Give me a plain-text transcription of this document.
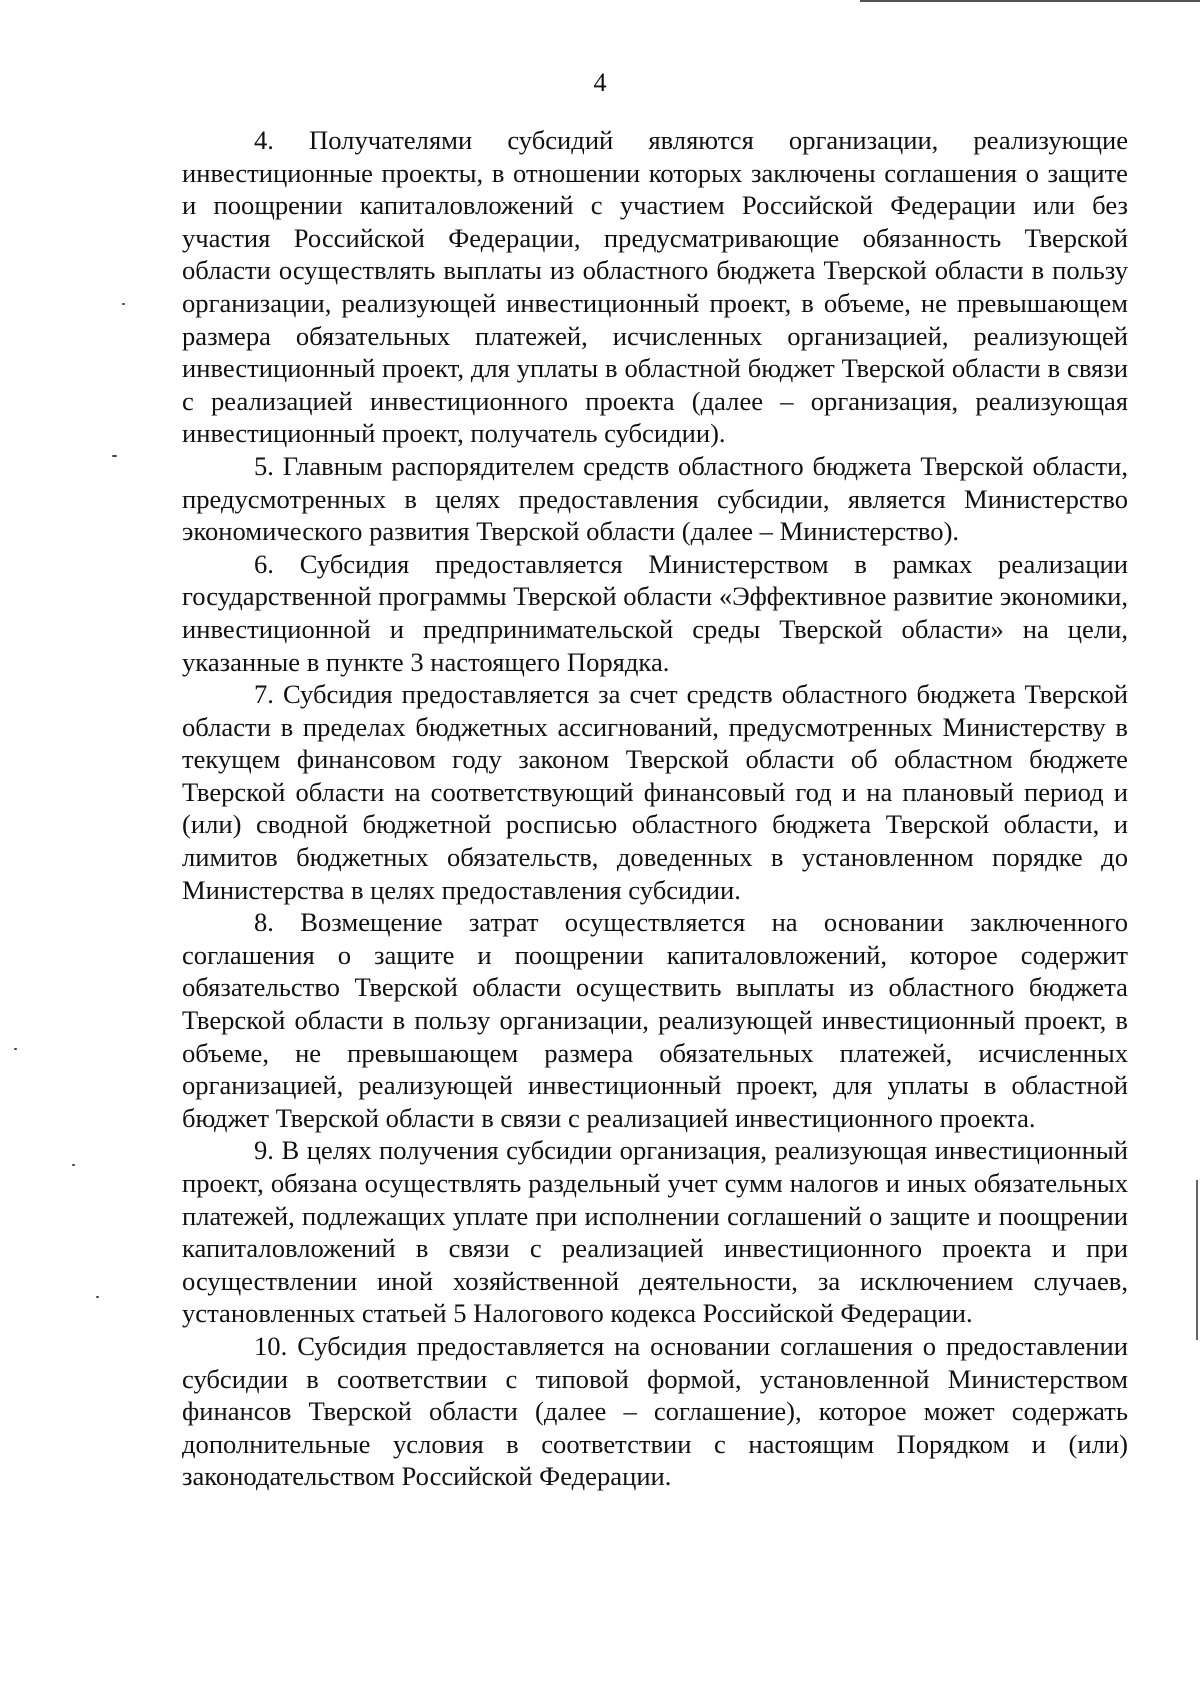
4

4. Получателями субсидий являются организации, реализующие инвестиционные проекты, в отношении которых заключены соглашения о защите и поощрении капиталовложений с участием Российской Федерации или без участия Российской Федерации, предусматривающие обязанность Тверской области осуществлять выплаты из областного бюджета Тверской области в пользу организации, реализующей инвестиционный проект, в объеме, не превышающем размера обязательных платежей, исчисленных организацией, реализующей инвестиционный проект, для уплаты в областной бюджет Тверской области в связи с реализацией инвестиционного проекта (далее – организация, реализующая инвестиционный проект, получатель субсидии).

5. Главным распорядителем средств областного бюджета Тверской области, предусмотренных в целях предоставления субсидии, является Министерство экономического развития Тверской области (далее – Министерство).

6. Субсидия предоставляется Министерством в рамках реализации государственной программы Тверской области «Эффективное развитие экономики, инвестиционной и предпринимательской среды Тверской области» на цели, указанные в пункте 3 настоящего Порядка.

7. Субсидия предоставляется за счет средств областного бюджета Тверской области в пределах бюджетных ассигнований, предусмотренных Министерству в текущем финансовом году законом Тверской области об областном бюджете Тверской области на соответствующий финансовый год и на плановый период и (или) сводной бюджетной росписью областного бюджета Тверской области, и лимитов бюджетных обязательств, доведенных в установленном порядке до Министерства в целях предоставления субсидии.

8. Возмещение затрат осуществляется на основании заключенного соглашения о защите и поощрении капиталовложений, которое содержит обязательство Тверской области осуществить выплаты из областного бюджета Тверской области в пользу организации, реализующей инвестиционный проект, в объеме, не превышающем размера обязательных платежей, исчисленных организацией, реализующей инвестиционный проект, для уплаты в областной бюджет Тверской области в связи с реализацией инвестиционного проекта.

9. В целях получения субсидии организация, реализующая инвестиционный проект, обязана осуществлять раздельный учет сумм налогов и иных обязательных платежей, подлежащих уплате при исполнении соглашений о защите и поощрении капиталовложений в связи с реализацией инвестиционного проекта и при осуществлении иной хозяйственной деятельности, за исключением случаев, установленных статьей 5 Налогового кодекса Российской Федерации.

10. Субсидия предоставляется на основании соглашения о предоставлении субсидии в соответствии с типовой формой, установленной Министерством финансов Тверской области (далее – соглашение), которое может содержать дополнительные условия в соответствии с настоящим Порядком и (или) законодательством Российской Федерации.
